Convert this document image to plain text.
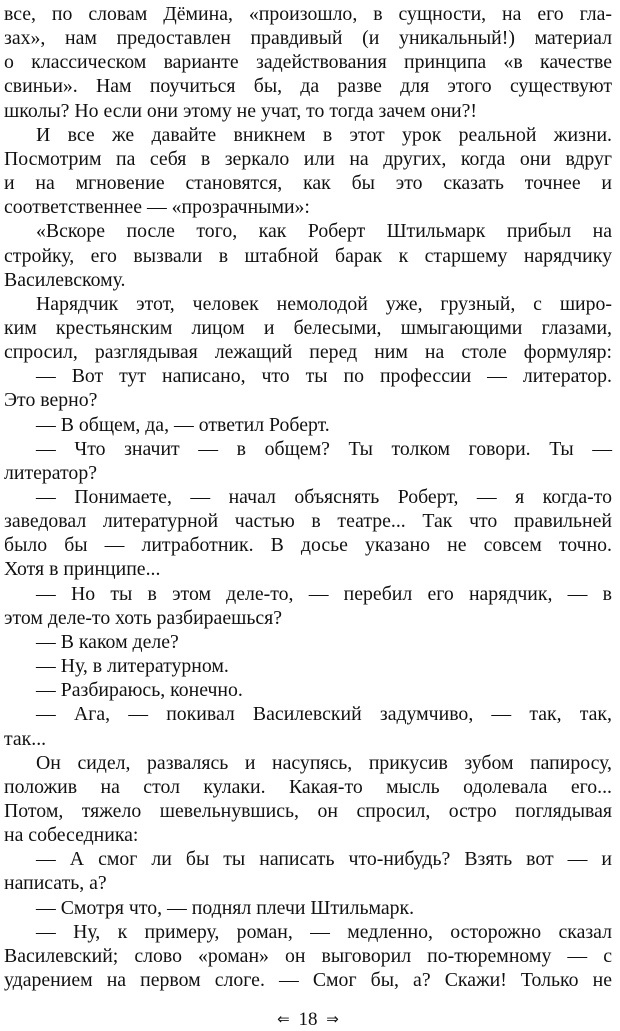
все, по словам Дёмина, «произошло, в сущности, на его гла-
зах», нам предоставлен правдивый (и уникальный!) материал
о классическом варианте задействования принципа «в качестве
свиньи». Нам поучиться бы, да разве для этого существуют
школы? Но если они этому не учат, то тогда зачем они?!
И все же давайте вникнем в этот урок реальной жизни.
Посмотрим па себя в зеркало или на других, когда они вдруг
и на мгновение становятся, как бы это сказать точнее и
соответственнее — «прозрачными»:
«Вскоре после того, как Роберт Штильмарк прибыл на
стройку, его вызвали в штабной барак к старшему нарядчику
Василевскому.
Нарядчик этот, человек немолодой уже, грузный, с широ-
ким крестьянским лицом и белесыми, шмыгающими глазами,
спросил, разглядывая лежащий перед ним на столе формуляр:
— Вот тут написано, что ты по профессии — литератор.
Это верно?
— В общем, да, — ответил Роберт.
— Что значит — в общем? Ты толком говори. Ты —
литератор?
— Понимаете, — начал объяснять Роберт, — я когда-то
заведовал литературной частью в театре... Так что правильней
было бы — литработник. В досье указано не совсем точно.
Хотя в принципе...
— Но ты в этом деле-то, — перебил его нарядчик, — в
этом деле-то хоть разбираешься?
— В каком деле?
— Ну, в литературном.
— Разбираюсь, конечно.
— Ага, — покивал Василевский задумчиво, — так, так,
так...
Он сидел, развалясь и насупясь, прикусив зубом папиросу,
положив на стол кулаки. Какая-то мысль одолевала его...
Потом, тяжело шевельнувшись, он спросил, остро поглядывая
на собеседника:
— А смог ли бы ты написать что-нибудь? Взять вот — и
написать, а?
— Смотря что, — поднял плечи Штильмарк.
— Ну, к примеру, роман, — медленно, осторожно сказал
Василевский; слово «роман» он выговорил по-тюремному — с
ударением на первом слоге. — Смог бы, а? Скажи! Только не
⇐ 18 ⇒
